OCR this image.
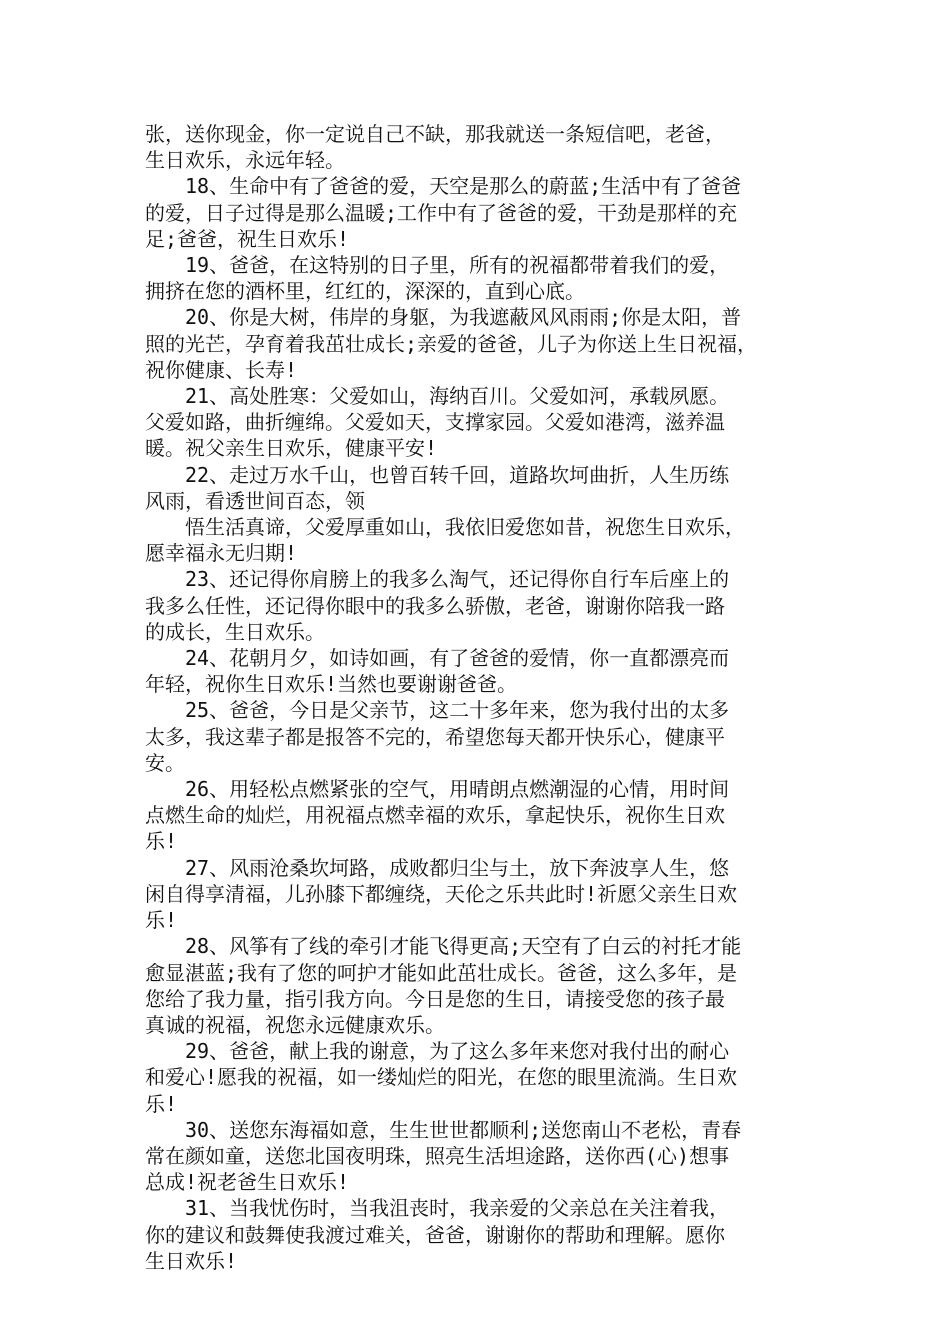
张，送你现金，你一定说自己不缺，那我就送一条短信吧，老爸，
生日欢乐，永远年轻。

18、生命中有了爸爸的爱，天空是那么的蔚蓝;生活中有了爸爸
的爱，日子过得是那么温暖;工作中有了爸爸的爱，干劲是那样的充
足;爸爸，祝生日欢乐!

19、爸爸，在这特别的日子里，所有的祝福都带着我们的爱，
拥挤在您的酒杯里，红红的，深深的，直到心底。

20、你是大树，伟岸的身躯，为我遮蔽风风雨雨;你是太阳，普
照的光芒，孕育着我茁壮成长;亲爱的爸爸，儿子为你送上生日祝福，
祝你健康、长寿!

21、高处胜寒：父爱如山，海纳百川。父爱如河，承载夙愿。
父爱如路，曲折缠绵。父爱如天，支撑家园。父爱如港湾，滋养温
暖。祝父亲生日欢乐，健康平安!

22、走过万水千山，也曾百转千回，道路坎坷曲折，人生历练
风雨，看透世间百态，领

悟生活真谛，父爱厚重如山，我依旧爱您如昔，祝您生日欢乐，
愿幸福永无归期!

23、还记得你肩膀上的我多么淘气，还记得你自行车后座上的
我多么任性，还记得你眼中的我多么骄傲，老爸，谢谢你陪我一路
的成长，生日欢乐。

24、花朝月夕，如诗如画，有了爸爸的爱情，你一直都漂亮而
年轻，祝你生日欢乐!当然也要谢谢爸爸。

25、爸爸，今日是父亲节，这二十多年来，您为我付出的太多
太多，我这辈子都是报答不完的，希望您每天都开快乐心，健康平
安。

26、用轻松点燃紧张的空气，用晴朗点燃潮湿的心情，用时间
点燃生命的灿烂，用祝福点燃幸福的欢乐，拿起快乐，祝你生日欢
乐!

27、风雨沧桑坎坷路，成败都归尘与土，放下奔波享人生，悠
闲自得享清福，儿孙膝下都缠绕，天伦之乐共此时!祈愿父亲生日欢
乐!

28、风筝有了线的牵引才能飞得更高;天空有了白云的衬托才能
愈显湛蓝;我有了您的呵护才能如此茁壮成长。爸爸，这么多年，是
您给了我力量，指引我方向。今日是您的生日，请接受您的孩子最
真诚的祝福，祝您永远健康欢乐。

29、爸爸，献上我的谢意，为了这么多年来您对我付出的耐心
和爱心!愿我的祝福，如一缕灿烂的阳光，在您的眼里流淌。生日欢
乐!

30、送您东海福如意，生生世世都顺利;送您南山不老松，青春
常在颜如童，送您北国夜明珠，照亮生活坦途路，送你西(心)想事
总成!祝老爸生日欢乐!

31、当我忧伤时，当我沮丧时，我亲爱的父亲总在关注着我，
你的建议和鼓舞使我渡过难关，爸爸，谢谢你的帮助和理解。愿你
生日欢乐!
